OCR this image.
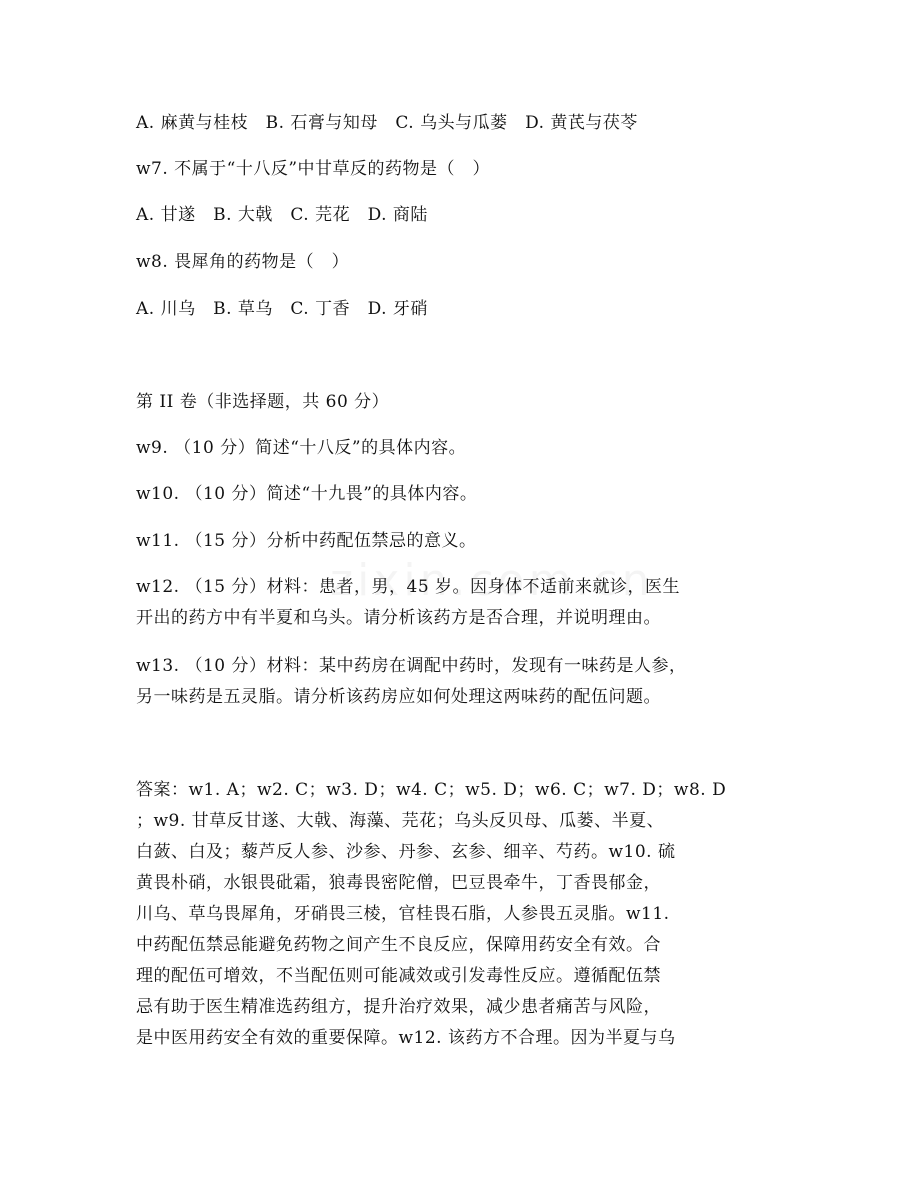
A. 麻黄与桂枝　B. 石膏与知母　C. 乌头与瓜蒌　D. 黄芪与茯苓
w7. 不属于“十八反”中甘草反的药物是（　）
A. 甘遂　B. 大戟　C. 芫花　D. 商陆
w8. 畏犀角的药物是（　）
A. 川乌　B. 草乌　C. 丁香　D. 牙硝
第 II 卷（非选择题，共 60 分）
w9. （10 分）简述“十八反”的具体内容。
w10. （10 分）简述“十九畏”的具体内容。
w11. （15 分）分析中药配伍禁忌的意义。
w12. （15 分）材料：患者，男，45 岁。因身体不适前来就诊，医生
开出的药方中有半夏和乌头。请分析该药方是否合理，并说明理由。
w13. （10 分）材料：某中药房在调配中药时，发现有一味药是人参，
另一味药是五灵脂。请分析该药房应如何处理这两味药的配伍问题。
答案：w1. A；w2. C；w3. D；w4. C；w5. D；w6. C；w7. D；w8. D
；w9. 甘草反甘遂、大戟、海藻、芫花；乌头反贝母、瓜蒌、半夏、
白蔹、白及；藜芦反人参、沙参、丹参、玄参、细辛、芍药。w10. 硫
黄畏朴硝，水银畏砒霜，狼毒畏密陀僧，巴豆畏牵牛，丁香畏郁金，
川乌、草乌畏犀角，牙硝畏三棱，官桂畏石脂，人参畏五灵脂。w11.
中药配伍禁忌能避免药物之间产生不良反应，保障用药安全有效。合
理的配伍可增效，不当配伍则可能减效或引发毒性反应。遵循配伍禁
忌有助于医生精准选药组方，提升治疗效果，减少患者痛苦与风险，
是中医用药安全有效的重要保障。w12. 该药方不合理。因为半夏与乌
